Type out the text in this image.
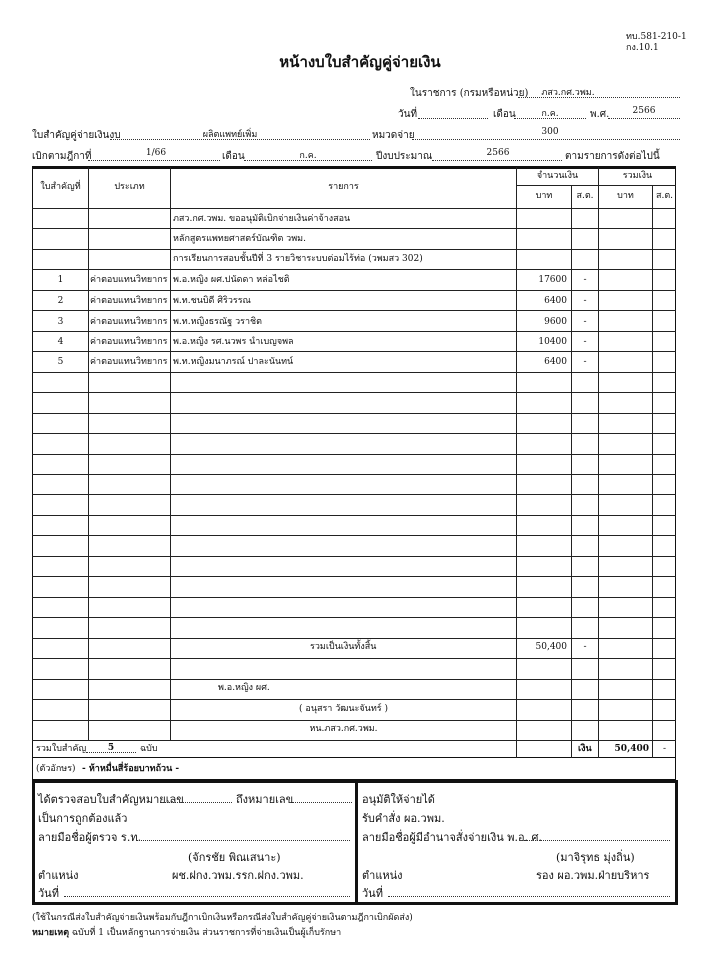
ทบ.581-210-1
กง.10.1
หน้างบใบสำคัญคู่จ่ายเงิน
ในราชการ (กรมหรือหน่วย)	ภสว.กศ.วพม.
วันที่	เดือน	ก.ค.	พ.ศ.	2566
ใบสำคัญคู่จ่ายเงินงบ	ผลิตแพทย์เพิ่ม	หมวดจ่าย	300
เบิกตามฎีกาที่	1/66	เดือน	ก.ค.	ปีงบประมาณ	2566	ตามรายการดังต่อไปนี้
ใบสำคัญที่	ประเภท	รายการ
จำนวนเงิน	รวมเงิน
บาท	ส.ต.	บาท	ส.ต.
ภสว.กศ.วพม. ขออนุมัติเบิกจ่ายเงินค่าจ้างสอน
หลักสูตรแพทยศาสตร์บัณฑิต วพม.
การเรียนการสอบชั้นปีที่ 3 รายวิชาระบบต่อมไร้ท่อ (วพมสว 302)
1	ค่าตอบแทนวิทยากร พ.อ.หญิง ผศ.ปนัดดา หล่อไชติ	17600	-
2	ค่าตอบแทนวิทยากร พ.ท.ชนบิดี ศิริวรรณ	6400	-
3	ค่าตอบแทนวิทยากร พ.ท.หญิงธรณัฐ วราชิต	9600	-
4	ค่าตอบแทนวิทยากร พ.อ.หญิง รศ.นวพร นำเบญจพล	10400	-
5	ค่าตอบแทนวิทยากร พ.ท.หญิงมนาภรณ์ ปาละนันทน์	6400	-
รวมเป็นเงินทั้งสิ้น	50,400	-
พ.อ.หญิง ผศ.
( อนุสรา วัฒนะจันทร์ )
หน.ภสว.กศ.วพม.
รวมใบสำคัญ	5	ฉบับ	เงิน	50,400	-
(ตัวอักษร) - ห้าหมื่นสี่ร้อยบาทถ้วน -
ได้ตรวจสอบใบสำคัญหมายเลข	ถึงหมายเลข
เป็นการถูกต้องแล้ว
ลายมือชื่อผู้ตรวจ ร.ท.
(จักรชัย พิณเสนาะ)
ตำแหน่ง	ผช.ฝกง.วพม.รรก.ฝกง.วพม.
วันที่
อนุมัติให้จ่ายได้
รับคำสั่ง ผอ.วพม.
ลายมือชื่อผู้มีอำนาจสั่งจ่ายเงิน พ.อ. ศ.
(มาจิรุทธ มุ่งถิ่น)
ตำแหน่ง	รอง ผอ.วพม.ฝ่ายบริหาร
วันที่
(ใช้ในกรณีส่งใบสำคัญจ่ายเงินพร้อมกับฎีกาเบิกเงินหรือกรณีส่งใบสำคัญคู่จ่ายเงินตามฎีกาเบิกผัดส่ง)
หมายเหตุ ฉบับที่ 1 เป็นหลักฐานการจ่ายเงิน ส่วนราชการที่จ่ายเงินเป็นผู้เก็บรักษา
